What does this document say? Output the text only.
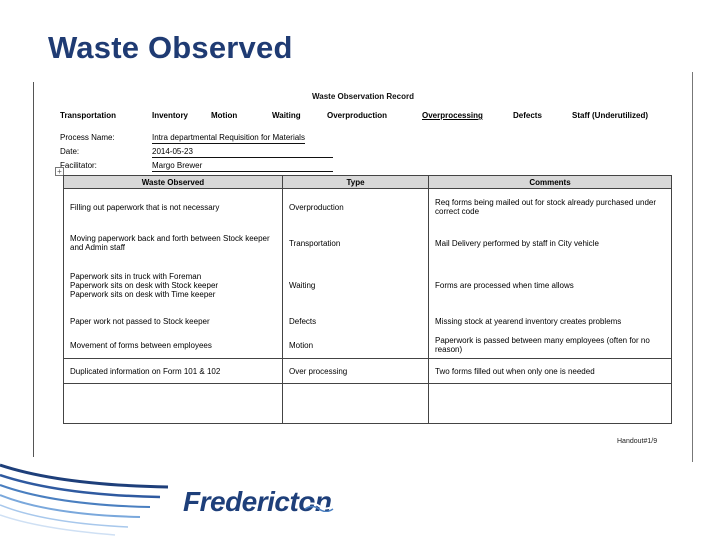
Waste Observed
Waste Observation Record
Transportation	Inventory	Motion	Waiting	Overproduction	Overprocessing	Defects	Staff (Underutilized)
Process Name:	Intra departmental Requisition for Materials
Date:	2014-05-23
Facilitator:	Margo Brewer
+
Waste Observed	Type	Comments
Filling out paperwork that is not necessary	Overproduction	Req forms being mailed out for stock already purchased under correct code
Moving paperwork back and forth between Stock keeper and Admin staff	Transportation	Mail Delivery performed by staff in City vehicle
Paperwork sits in truck with Foreman
Paperwork sits on desk with Stock keeper
Paperwork sits on desk with Time keeper	Waiting	Forms are processed when time allows
Paper work not passed to Stock keeper	Defects	Missing stock at yearend inventory creates problems
Movement of forms between employees	Motion	Paperwork is passed between many employees (often for no reason)
Duplicated information on Form 101 & 102	Over processing	Two forms filled out when only one is needed

Handout#1/9
Fredericton
